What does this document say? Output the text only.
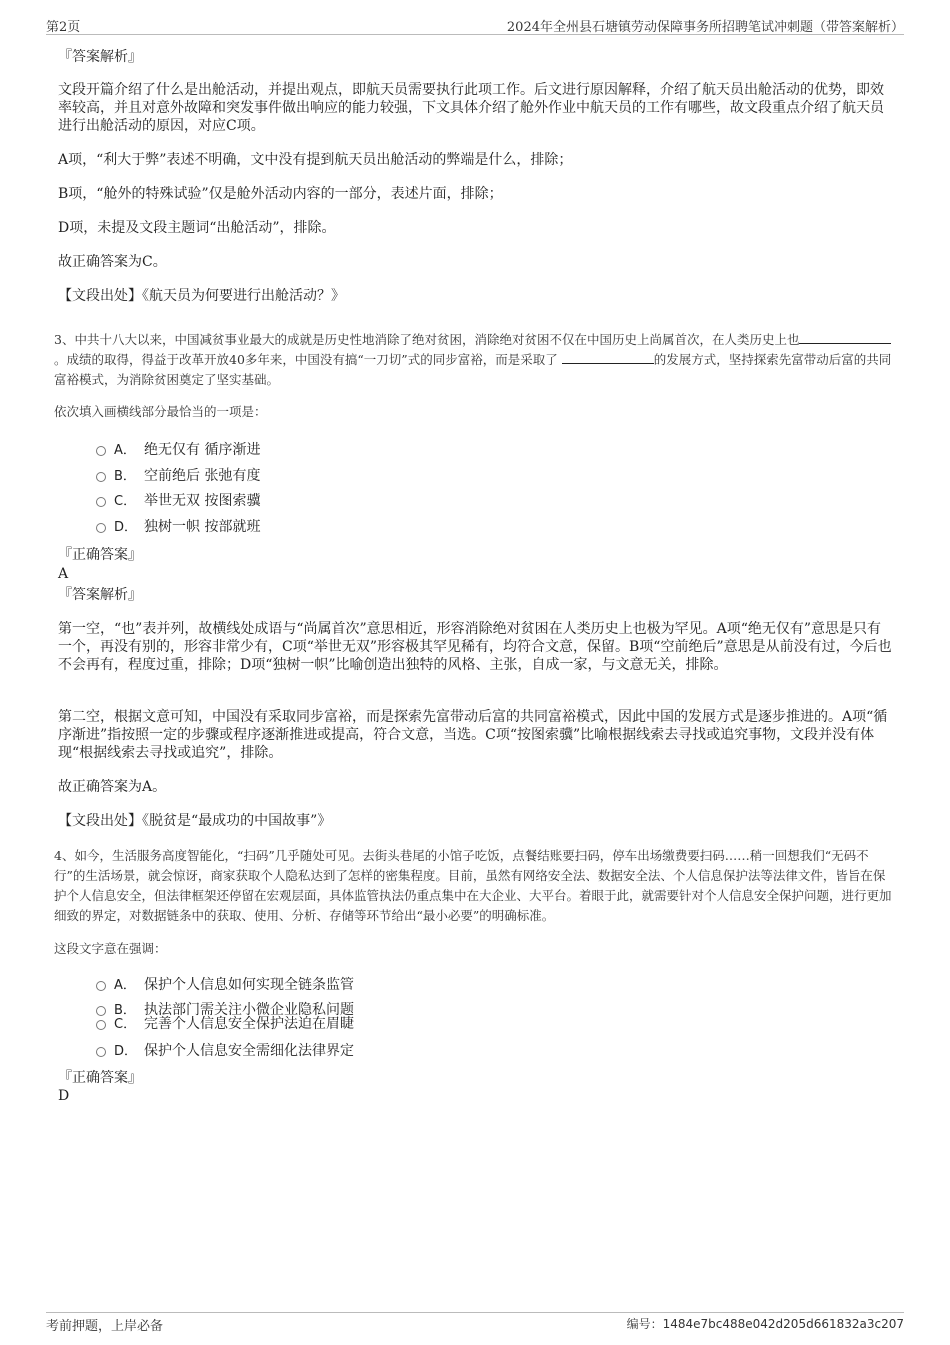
第2页	2024年全州县石塘镇劳动保障事务所招聘笔试冲刺题（带答案解析）

『答案解析』

文段开篇介绍了什么是出舱活动，并提出观点，即航天员需要执行此项工作。后文进行原因解释，介绍了航天员出舱活动的优势，即效率较高，并且对意外故障和突发事件做出响应的能力较强，下文具体介绍了舱外作业中航天员的工作有哪些，故文段重点介绍了航天员进行出舱活动的原因，对应C项。

A项，“利大于弊”表述不明确，文中没有提到航天员出舱活动的弊端是什么，排除；

B项，“舱外的特殊试验”仅是舱外活动内容的一部分，表述片面，排除；

D项，未提及文段主题词“出舱活动”，排除。

故正确答案为C。

【文段出处】《航天员为何要进行出舱活动？》

3、中共十八大以来，中国减贫事业最大的成就是历史性地消除了绝对贫困，消除绝对贫困不仅在中国历史上尚属首次，在人类历史上也。成绩的取得，得益于改革开放40多年来，中国没有搞“一刀切”式的同步富裕，而是采取了	的发展方式，坚持探索先富带动后富的共同富裕模式，为消除贫困奠定了坚实基础。

依次填入画横线部分最恰当的一项是：

A． 绝无仅有 循序渐进
B． 空前绝后 张弛有度
C． 举世无双 按图索骥
D． 独树一帜 按部就班

『正确答案』

A

『答案解析』

第一空，“也”表并列，故横线处成语与“尚属首次”意思相近，形容消除绝对贫困在人类历史上也极为罕见。A项“绝无仅有”意思是只有一个，再没有别的，形容非常少有，C项“举世无双”形容极其罕见稀有，均符合文意，保留。B项“空前绝后”意思是从前没有过，今后也不会再有，程度过重，排除；D项“独树一帜”比喻创造出独特的风格、主张，自成一家，与文意无关，排除。

第二空，根据文意可知，中国没有采取同步富裕，而是探索先富带动后富的共同富裕模式，因此中国的发展方式是逐步推进的。A项“循序渐进”指按照一定的步骤或程序逐渐推进或提高，符合文意，当选。C项“按图索骥”比喻根据线索去寻找或追究事物，文段并没有体现“根据线索去寻找或追究”，排除。

故正确答案为A。

【文段出处】《脱贫是“最成功的中国故事”》

4、如今，生活服务高度智能化，“扫码”几乎随处可见。去街头巷尾的小馆子吃饭，点餐结账要扫码，停车出场缴费要扫码……稍一回想我们“无码不行”的生活场景，就会惊讶，商家获取个人隐私达到了怎样的密集程度。目前，虽然有网络安全法、数据安全法、个人信息保护法等法律文件，皆旨在保护个人信息安全，但法律框架还停留在宏观层面，具体监管执法仍重点集中在大企业、大平台。着眼于此，就需要针对个人信息安全保护问题，进行更加细致的界定，对数据链条中的获取、使用、分析、存储等环节给出“最小必要”的明确标准。

这段文字意在强调：

A． 保护个人信息如何实现全链条监管
B． 执法部门需关注小微企业隐私问题
C． 完善个人信息安全保护法迫在眉睫
D． 保护个人信息安全需细化法律界定

『正确答案』

D

考前押题，上岸必备	编号：1484e7bc488e042d205d661832a3c207
